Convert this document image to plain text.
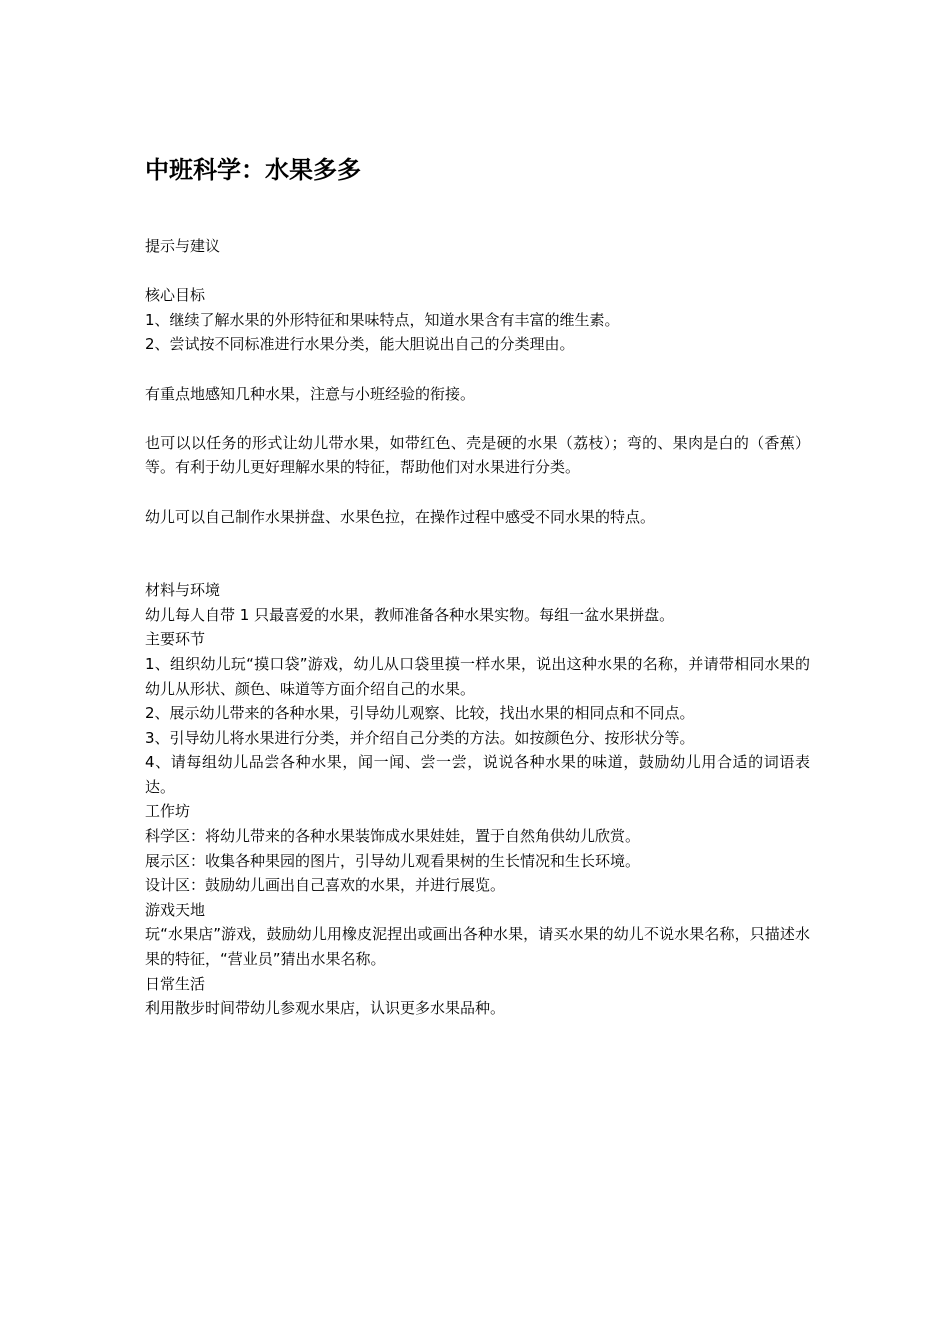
中班科学：水果多多

提示与建议

核心目标

1、继续了解水果的外形特征和果味特点，知道水果含有丰富的维生素。

2、尝试按不同标准进行水果分类，能大胆说出自己的分类理由。

有重点地感知几种水果，注意与小班经验的衔接。

也可以以任务的形式让幼儿带水果，如带红色、壳是硬的水果（荔枝）；弯的、果肉是白的（香蕉）等。有利于幼儿更好理解水果的特征，帮助他们对水果进行分类。

幼儿可以自己制作水果拼盘、水果色拉，在操作过程中感受不同水果的特点。

材料与环境

幼儿每人自带 1 只最喜爱的水果，教师准备各种水果实物。每组一盆水果拼盘。

主要环节

1、组织幼儿玩“摸口袋”游戏，幼儿从口袋里摸一样水果，说出这种水果的名称，并请带相同水果的幼儿从形状、颜色、味道等方面介绍自己的水果。

2、展示幼儿带来的各种水果，引导幼儿观察、比较，找出水果的相同点和不同点。

3、引导幼儿将水果进行分类，并介绍自己分类的方法。如按颜色分、按形状分等。

4、请每组幼儿品尝各种水果，闻一闻、尝一尝，说说各种水果的味道，鼓励幼儿用合适的词语表达。

工作坊

科学区：将幼儿带来的各种水果装饰成水果娃娃，置于自然角供幼儿欣赏。

展示区：收集各种果园的图片，引导幼儿观看果树的生长情况和生长环境。

设计区：鼓励幼儿画出自己喜欢的水果，并进行展览。

游戏天地

玩“水果店”游戏，鼓励幼儿用橡皮泥捏出或画出各种水果，请买水果的幼儿不说水果名称，只描述水果的特征，“营业员”猜出水果名称。

日常生活

利用散步时间带幼儿参观水果店，认识更多水果品种。
